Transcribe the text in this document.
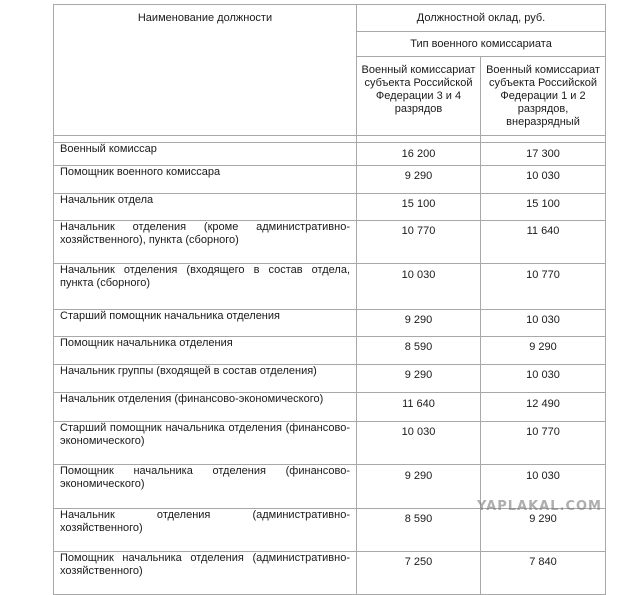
Наименование должности	Должностной оклад, руб.	
	Тип военного комиссариата	
	Военный комиссариат субъекта Российской Федерации 3 и 4 разрядов	Военный комиссариат субъекта Российской Федерации 1 и 2 разрядов, внеразрядный

Военный комиссар	16 200	17 300
Помощник военного комиссара	9 290	10 030
Начальник отдела	15 100	15 100
Начальник отделения (кроме административно-хозяйственного), пункта (сборного)	10 770	11 640
Начальник отделения (входящего в состав отдела, пункта (сборного)	10 030	10 770
Старший помощник начальника отделения	9 290	10 030
Помощник начальника отделения	8 590	9 290
Начальник группы (входящей в состав отделения)	9 290	10 030
Начальник отделения (финансово-экономического)	11 640	12 490
Старший помощник начальника отделения (финансово-экономического)	10 030	10 770
Помощник начальника отделения (финансово-экономического)	9 290	10 030
Начальник отделения (административно-хозяйственного)	8 590	9 290
Помощник начальника отделения (административно-хозяйственного)	7 250	7 840
YAPLAKAL.COM
